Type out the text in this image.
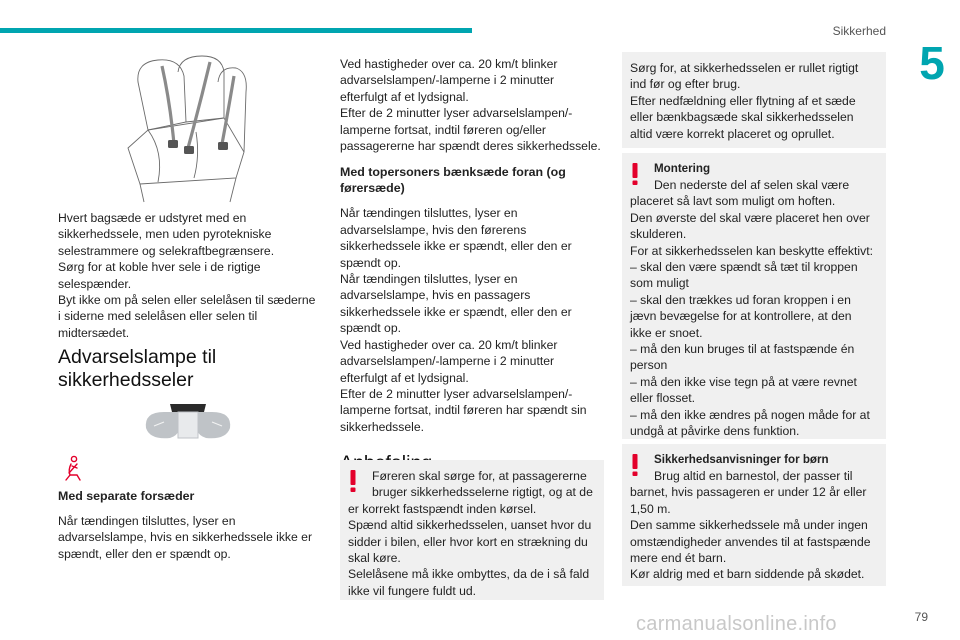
Sikkerhed
5

Hvert bagsæde er udstyret med en sikkerhedssele, men uden pyrotekniske selestrammere og selekraftbegrænsere.
Sørg for at koble hver sele i de rigtige selespænder.
Byt ikke om på selen eller selelåsen til sæderne i siderne med selelåsen eller selen til midtersædet.

Advarselslampe til sikkerhedsseler
Med separate forsæder

Når tændingen tilsluttes, lyser en advarselslampe, hvis en sikkerhedssele ikke er spændt, eller den er spændt op.

Ved hastigheder over ca. 20 km/t blinker advarselslampen/-lamperne i 2 minutter efterfulgt af et lydsignal.
Efter de 2 minutter lyser advarselslampen/-lamperne fortsat, indtil føreren og/eller passagererne har spændt deres sikkerhedssele.

Med topersoners bænksæde foran (og førersæde)

Når tændingen tilsluttes, lyser en advarselslampe, hvis den førerens sikkerhedssele ikke er spændt, eller den er spændt op.
Når tændingen tilsluttes, lyser en advarselslampe, hvis en passagers sikkerhedssele ikke er spændt, eller den er spændt op.
Ved hastigheder over ca. 20 km/t blinker advarselslampen/-lamperne i 2 minutter efterfulgt af et lydsignal.
Efter de 2 minutter lyser advarselslampen/-lamperne fortsat, indtil føreren har spændt sin sikkerhedssele.

Føreren skal sørge for, at passagererne bruger sikkerhedsselerne rigtigt, og at de

er korrekt fastspændt inden kørsel.
Spænd altid sikkerhedsselen, uanset hvor du sidder i bilen, eller hvor kort en strækning du skal køre.
Selelåsene må ikke ombyttes, da de i så fald ikke vil fungere fuldt ud.

Sørg for, at sikkerhedsselen er rullet rigtigt ind før og efter brug.
Efter nedfældning eller flytning af et sæde eller bænkbagsæde skal sikkerhedsselen altid være korrekt placeret og oprullet.

Montering

Den nederste del af selen skal være

placeret så lavt som muligt om hoften.
Den øverste del skal være placeret hen over skulderen.
For at sikkerhedsselen kan beskytte effektivt:
– skal den være spændt så tæt til kroppen som muligt
– skal den trækkes ud foran kroppen i en jævn bevægelse for at kontrollere, at den ikke er snoet.
– må den kun bruges til at fastspænde én person
– må den ikke vise tegn på at være revnet eller flosset.
– må den ikke ændres på nogen måde for at undgå at påvirke dens funktion.

Sikkerhedsanvisninger for børn

Brug altid en barnestol, der passer til

barnet, hvis passageren er under 12 år eller 1,50 m.
Den samme sikkerhedssele må under ingen omstændigheder anvendes til at fastspænde mere end ét barn.
Kør aldrig med et barn siddende på skødet.

carmanualsonline.info	79
